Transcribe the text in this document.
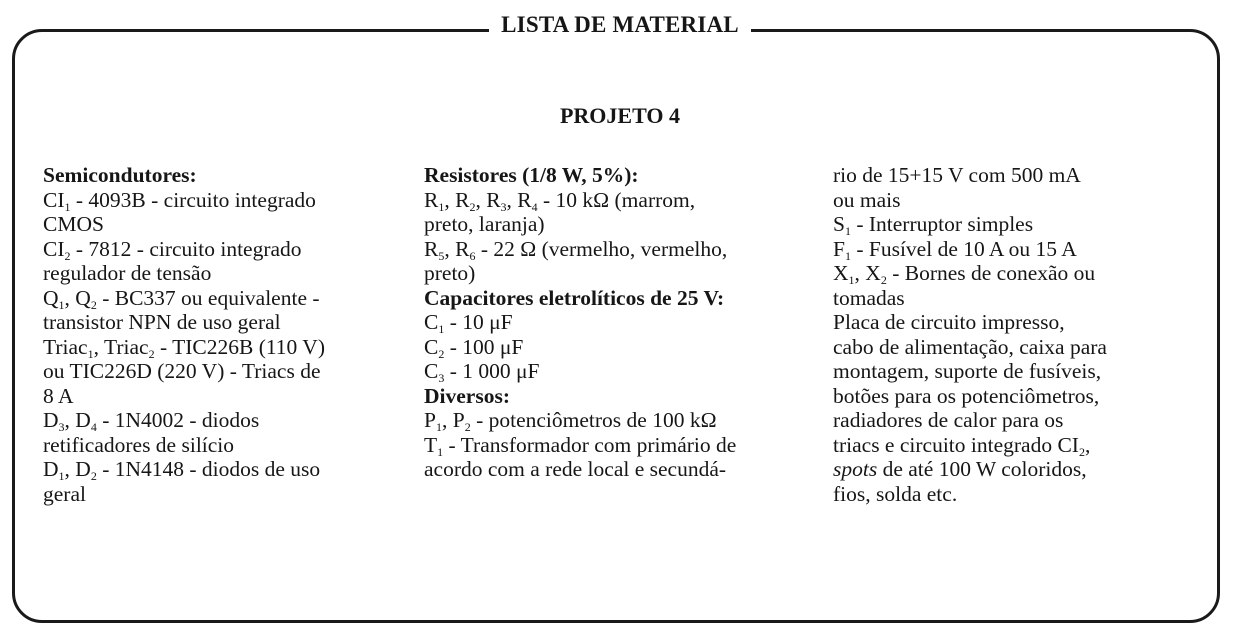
LISTA DE MATERIAL
PROJETO 4
Semicondutores:
$CI_1 - 4093B$ - circuito integrado
CMOS
$CI_2 - 7812$ - circuito integrado
regulador de tensão
$Q_1$, $Q_2 - BC337$ ou equivalente -
transistor NPN de uso geral
Triac$_1$, Triac$_2$ - TIC226B (110 V)
ou TIC226D (220 V) - Triacs de
8 A
$D_3$, $D_4 - 1N4002$ - diodos
retificadores de silício
$D_1$, $D_2 - 1N4148$ - diodos de uso
geral
Resistores (1/8 W, 5%):
$R_1$, $R_2$, $R_3$, $R_4 - 10$ kΩ (marrom,
preto, laranja)
$R_5$, $R_6 - 22$ Ω (vermelho, vermelho,
preto)
Capacitores eletrolíticos de 25 V:
$C_1 - 10$ μF
$C_2 - 100$ μF
$C_3 - 1$ 000 μF
Diversos:
$P_1$, $P_2$ - potenciômetros de 100 kΩ
$T_1$ - Transformador com primário de
acordo com a rede local e secundá-
rio de 15+15 V com 500 mA
ou mais
$S_1$ - Interruptor simples
$F_1$ - Fusível de 10 A ou 15 A
$X_1$, $X_2$ - Bornes de conexão ou
tomadas
Placa de circuito impresso,
cabo de alimentação, caixa para
montagem, suporte de fusíveis,
botões para os potenciômetros,
radiadores de calor para os
triacs e circuito integrado $CI_2$,
spots de até 100 W coloridos,
fios, solda etc.
